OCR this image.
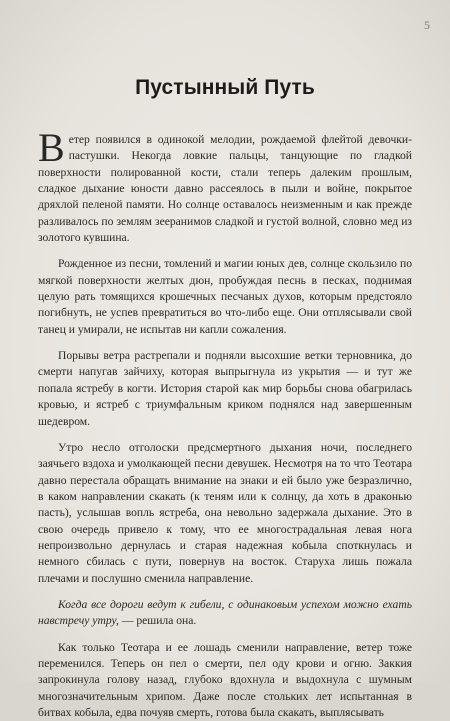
5
Пустынный Путь

Ветер появился в одинокой мелодии, рождаемой флейтой девочки-пастушки. Некогда ловкие пальцы, танцующие по гладкой поверхности полированной кости, стали теперь далеким прошлым, сладкое дыхание юности давно рассеялось в пыли и войне, покрытое дряхлой пеленой памяти. Но солнце оставалось неизменным и как прежде разливалось по землям зееранимов сладкой и густой волной, словно мед из золотого кувшина.

Рожденное из песни, томлений и магии юных дев, солнце скользило по мягкой поверхности желтых дюн, пробуждая песнь в песках, поднимая целую рать томящихся крошечных песчаных духов, которым предстояло погибнуть, не успев превратиться во что-либо еще. Они отплясывали свой танец и умирали, не испытав ни капли сожаления.

Порывы ветра растрепали и подняли высохшие ветки терновника, до смерти напугав зайчиху, которая выпрыгнула из укрытия — и тут же попала ястребу в когти. История старой как мир борьбы снова обагрилась кровью, и ястреб с триумфальным криком поднялся над завершенным шедевром.

Утро несло отголоски предсмертного дыхания ночи, последнего заячьего вздоха и умолкающей песни девушек. Несмотря на то что Теотара давно перестала обращать внимание на знаки и ей было уже безразлично, в каком направлении скакать (к теням или к солнцу, да хоть в драконью пасть), услышав вопль ястреба, она невольно задержала дыхание. Это в свою очередь привело к тому, что ее многострадальная левая нога непроизвольно дернулась и старая надежная кобыла споткнулась и немного сбилась с пути, повернув на восток. Старуха лишь пожала плечами и послушно сменила направление.

Когда все дороги ведут к гибели, с одинаковым успехом можно ехать навстречу утру, — решила она.

Как только Теотара и ее лошадь сменили направление, ветер тоже переменился. Теперь он пел о смерти, пел оду крови и огню. Заккия запрокинула голову назад, глубоко вдохнула и выдохнула с шумным многозначительным хрипом. Даже после стольких лет испытанная в битвах кобыла, едва почуяв смерть, готова была скакать, выплясывать
